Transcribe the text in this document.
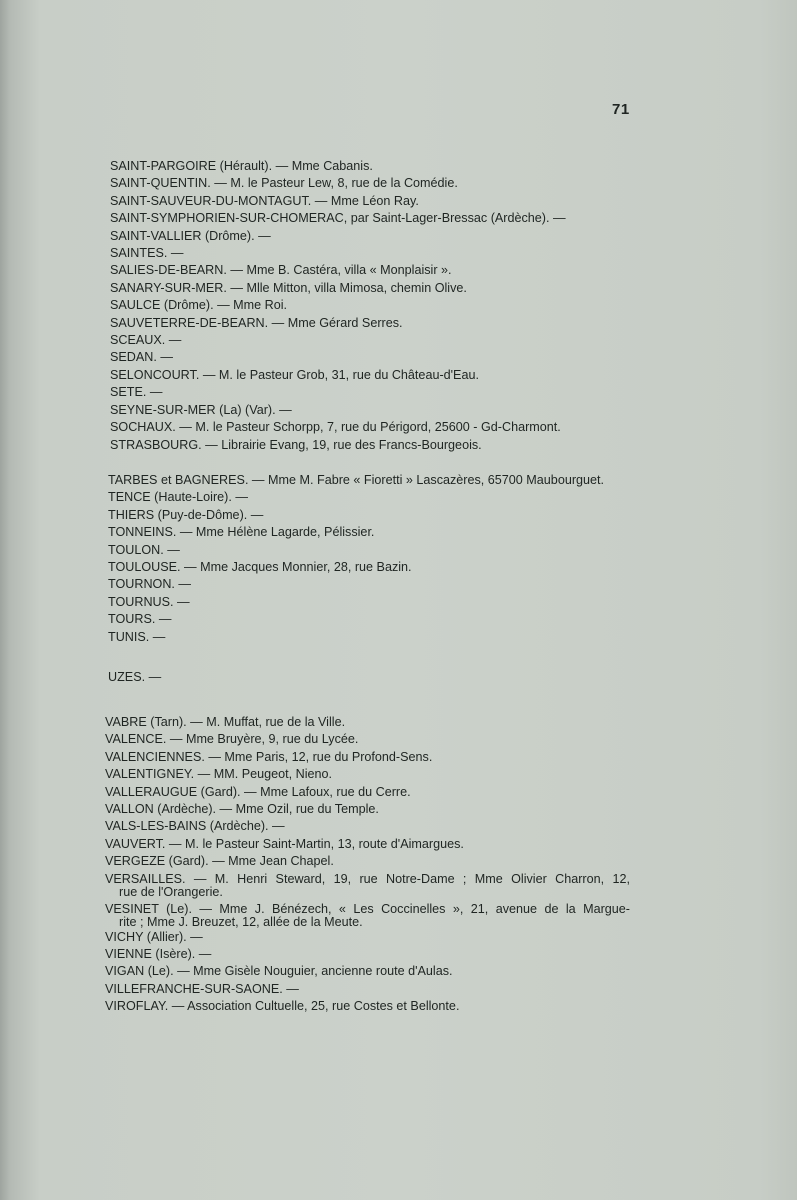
71
SAINT-PARGOIRE (Hérault). — Mme Cabanis.
SAINT-QUENTIN. — M. le Pasteur Lew, 8, rue de la Comédie.
SAINT-SAUVEUR-DU-MONTAGUT. — Mme Léon Ray.
SAINT-SYMPHORIEN-SUR-CHOMERAC, par Saint-Lager-Bressac (Ardèche). —
SAINT-VALLIER (Drôme). —
SAINTES. —
SALIES-DE-BEARN. — Mme B. Castéra, villa « Monplaisir ».
SANARY-SUR-MER. — Mlle Mitton, villa Mimosa, chemin Olive.
SAULCE (Drôme). — Mme Roi.
SAUVETERRE-DE-BEARN. — Mme Gérard Serres.
SCEAUX. —
SEDAN. —
SELONCOURT. — M. le Pasteur Grob, 31, rue du Château-d'Eau.
SETE. —
SEYNE-SUR-MER (La) (Var). —
SOCHAUX. — M. le Pasteur Schorpp, 7, rue du Périgord, 25600 - Gd-Charmont.
STRASBOURG. — Librairie Evang, 19, rue des Francs-Bourgeois.
TARBES et BAGNERES. — Mme M. Fabre « Fioretti » Lascazères, 65700 Maubourguet.
TENCE (Haute-Loire). —
THIERS (Puy-de-Dôme). —
TONNEINS. — Mme Hélène Lagarde, Pélissier.
TOULON. —
TOULOUSE. — Mme Jacques Monnier, 28, rue Bazin.
TOURNON. —
TOURNUS. —
TOURS. —
TUNIS. —
UZES. —
VABRE (Tarn). — M. Muffat, rue de la Ville.
VALENCE. — Mme Bruyère, 9, rue du Lycée.
VALENCIENNES. — Mme Paris, 12, rue du Profond-Sens.
VALENTIGNEY. — MM. Peugeot, Nieno.
VALLERAUGUE (Gard). — Mme Lafoux, rue du Cerre.
VALLON (Ardèche). — Mme Ozil, rue du Temple.
VALS-LES-BAINS (Ardèche). —
VAUVERT. — M. le Pasteur Saint-Martin, 13, route d'Aimargues.
VERGEZE (Gard). — Mme Jean Chapel.
VERSAILLES. — M. Henri Steward, 19, rue Notre-Dame ; Mme Olivier Charron, 12,
rue de l'Orangerie.
VESINET (Le). — Mme J. Bénézech, « Les Coccinelles », 21, avenue de la Margue-
rite ; Mme J. Breuzet, 12, allée de la Meute.
VICHY (Allier). —
VIENNE (Isère). —
VIGAN (Le). — Mme Gisèle Nouguier, ancienne route d'Aulas.
VILLEFRANCHE-SUR-SAONE. —
VIROFLAY. — Association Cultuelle, 25, rue Costes et Bellonte.
